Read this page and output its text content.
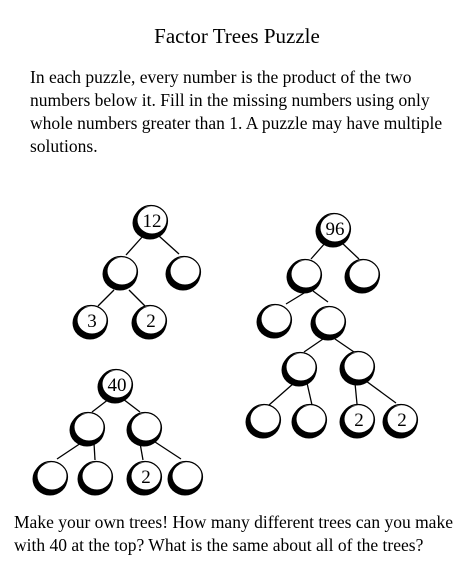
Factor Trees Puzzle
In each puzzle, every number is the product of the two numbers below it. Fill in the missing numbers using only whole numbers greater than 1. A puzzle may have multiple solutions.
12
3	2
96
2 2
40
2
Make your own trees! How many different trees can you make with 40 at the top? What is the same about all of the trees?
